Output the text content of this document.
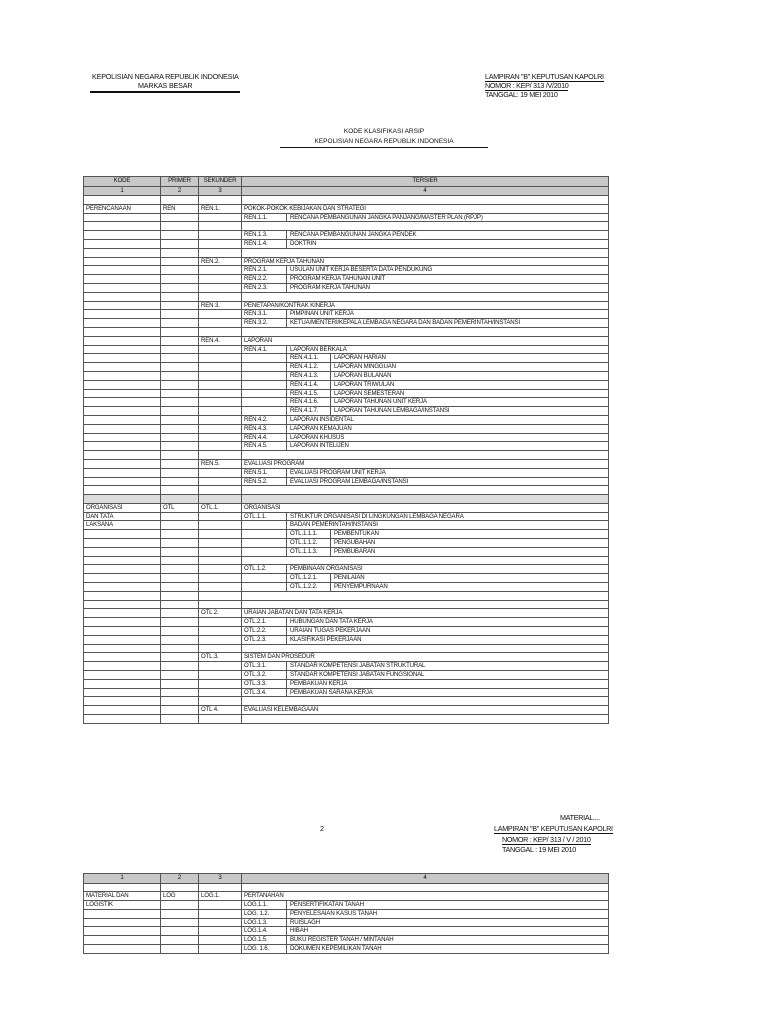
KEPOLISIAN NEGARA REPUBLIK INDONESIA
MARKAS BESAR
LAMPIRAN "B" KEPUTUSAN KAPOLRI
NOMOR : KEP/ 313 /V/2010
TANGGAL: 19 MEI 2010
KODE KLASIFIKASI ARSIP
KEPOLISIAN NEGARA REPUBLIK INDONESIA
KODE	PRIMER	SEKUNDER	TERSIER
1	2	3	4

PERENCANAAN	REN	REN.1.	POKOK-POKOK KEBIJAKAN DAN STRATEGI

			REN.1.1. RENCANA PEMBANGUNAN JANGKA PANJANG/MASTER PLAN (RPJP)

			REN.1.3. RENCANA PEMBANGUNAN JANGKA PENDEK

			REN.1.4. DOKTRIN

		REN.2.	PROGRAM KERJA TAHUNAN

			REN.2.1. USULAN UNIT KERJA BESERTA DATA PENDUKUNG

			REN.2.2. PROGRAM KERJA TAHUNAN UNIT

			REN.2.3. PROGRAM KERJA TAHUNAN

		REN 3.	PENETAPAN/KONTRAK KINERJA

			REN.3.1. PIMPINAN UNIT KERJA

			REN.3.2. KETUA/MENTERI/KEPALA LEMBAGA NEGARA DAN BADAN PEMERINTAH/INSTANSI

		REN.4.	LAPORAN

			REN.4.1. LAPORAN BERKALA

			REN.4.1.1. LAPORAN HARIAN

			REN.4.1.2. LAPORAN MINGGUAN

			REN.4.1.3. LAPORAN BULANAN

			REN.4.1.4. LAPORAN TRIWULAN

			REN.4.1.5. LAPORAN SEMESTERAN

			REN.4.1.6. LAPORAN TAHUNAN UNIT KERJA

			REN.4.1.7. LAPORAN TAHUNAN LEMBAGA/INSTANSI

			REN.4.2. LAPORAN INSIDENTAL

			REN.4.3. LAPORAN KEMAJUAN

			REN.4.4. LAPORAN KHUSUS

			REN.4.5. LAPORAN INTELIJEN

		REN.5.	EVALUASI PROGRAM

			REN.5.1. EVALUASI PROGRAM UNIT KERJA

			REN.5.2. EVALUASI PROGRAM LEMBAGA/INSTANSI

ORGANISASI	OTL	OTL.1.	ORGANISASI
DAN TATA			OTL.1.1. STRUKTUR ORGANISASI DI LINGKUNGAN LEMBAGA NEGARA

LAKSANA			BADAN PEMERINTAH/INSTANSI

			OTL.1.1.1. PEMBENTUKAN

			OTL.1.1.2. PENGUBAHAN

			OTL.1.1.3. PEMBUBARAN

			OTL.1.2. PEMBINAAN ORGANISASI

			OTL.1.2.1. PENILAIAN

			OTL.1.2.2. PENYEMPURNAAN

		OTL 2.	URAIAN JABATAN DAN TATA KERJA

			OTL.2.1. HUBUNGAN DAN TATA KERJA

			OTL.2.2. URAIAN TUGAS PEKERJAAN

			OTL.2.3. KLASIFIKASI PEKERJAAN

		OTL.3.	SISTEM DAN PROSEDUR

			OTL.3.1. STANDAR KOMPETENSI JABATAN STRUKTURAL

			OTL.3.2. STANDAR KOMPETENSI JABATAN FUNGSIONAL

			OTL.3.3. PEMBAKUAN KERJA

			OTL.3.4. PEMBAKUAN SARANA KERJA

		OTL 4.	EVALUASI KELEMBAGAAN

MATERIAL....
2	LAMPIRAN "B" KEPUTUSAN KAPOLRI
NOMOR : KEP/ 313 / V / 2010
TANGGAL : 19 MEI 2010
1	2	3	4

MATERIAL DAN	LOG	LOG.1.	PERTANAHAN
LOGISTIK			LOG.1.1. PENSERTIFIKATAN TANAH

			LOG. 1.2. PENYELESAIAN KASUS TANAH

			LOG.1.3. RUISLAGH

			LOG.1.4. HIBAH

			LOG.1.5. BUKU REGISTER TANAH / MINTANAH

			LOG. 1.6. DOKUMEN KEPEMILIKAN TANAH
